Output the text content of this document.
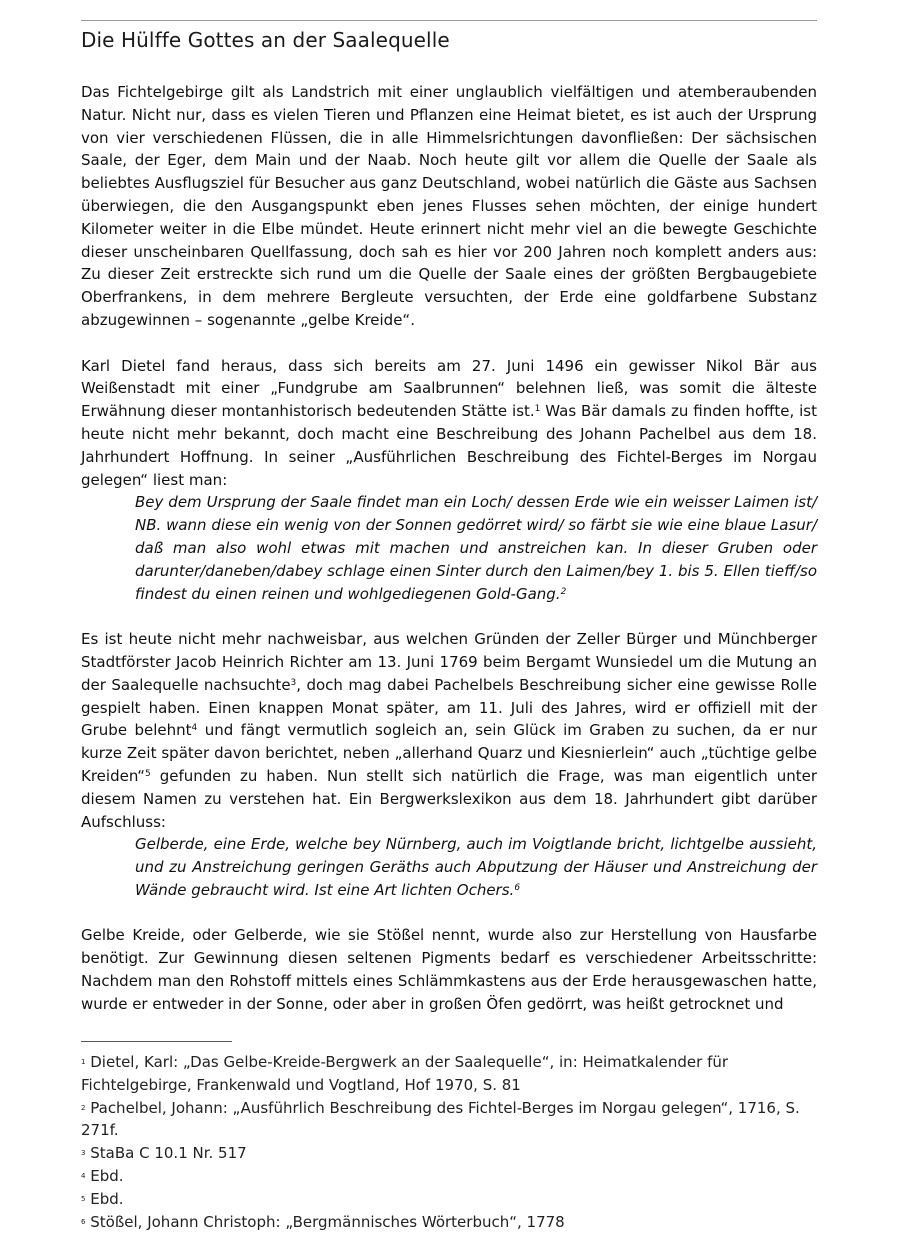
Die Hülffe Gottes an der Saalequelle

Das Fichtelgebirge gilt als Landstrich mit einer unglaublich vielfältigen und atemberaubenden Natur. Nicht nur, dass es vielen Tieren und Pflanzen eine Heimat bietet, es ist auch der Ursprung von vier verschiedenen Flüssen, die in alle Himmelsrichtungen davonfließen: Der sächsischen Saale, der Eger, dem Main und der Naab. Noch heute gilt vor allem die Quelle der Saale als beliebtes Ausflugsziel für Besucher aus ganz Deutschland, wobei natürlich die Gäste aus Sachsen überwiegen, die den Ausgangspunkt eben jenes Flusses sehen möchten, der einige hundert Kilometer weiter in die Elbe mündet. Heute erinnert nicht mehr viel an die bewegte Geschichte dieser unscheinbaren Quellfassung, doch sah es hier vor 200 Jahren noch komplett anders aus: Zu dieser Zeit erstreckte sich rund um die Quelle der Saale eines der größten Bergbaugebiete Oberfrankens, in dem mehrere Bergleute versuchten, der Erde eine goldfarbene Substanz abzugewinnen – sogenannte „gelbe Kreide“.

Karl Dietel fand heraus, dass sich bereits am 27. Juni 1496 ein gewisser Nikol Bär aus Weißenstadt mit einer „Fundgrube am Saalbrunnen“ belehnen ließ, was somit die älteste Erwähnung dieser montanhistorisch bedeutenden Stätte ist.$^1$ Was Bär damals zu finden hoffte, ist heute nicht mehr bekannt, doch macht eine Beschreibung des Johann Pachelbel aus dem 18. Jahrhundert Hoffnung. In seiner „Ausführlichen Beschreibung des Fichtel-Berges im Norgau gelegen“ liest man:

Bey dem Ursprung der Saale findet man ein Loch/ dessen Erde wie ein weisser Laimen ist/ NB. wann diese ein wenig von der Sonnen gedörret wird/ so färbt sie wie eine blaue Lasur/ daß man also wohl etwas mit machen und anstreichen kan. In dieser Gruben oder darunter/daneben/dabey schlage einen Sinter durch den Laimen/bey 1. bis 5. Ellen tieff/so findest du einen reinen und wohlgediegenen Gold-Gang.$^2$

Es ist heute nicht mehr nachweisbar, aus welchen Gründen der Zeller Bürger und Münchberger Stadtförster Jacob Heinrich Richter am 13. Juni 1769 beim Bergamt Wunsiedel um die Mutung an der Saalequelle nachsuchte$^3$, doch mag dabei Pachelbels Beschreibung sicher eine gewisse Rolle gespielt haben. Einen knappen Monat später, am 11. Juli des Jahres, wird er offiziell mit der Grube belehnt$^4$ und fängt vermutlich sogleich an, sein Glück im Graben zu suchen, da er nur kurze Zeit später davon berichtet, neben „allerhand Quarz und Kiesnierlein“ auch „tüchtige gelbe Kreiden“$^5$ gefunden zu haben. Nun stellt sich natürlich die Frage, was man eigentlich unter diesem Namen zu verstehen hat. Ein Bergwerkslexikon aus dem 18. Jahrhundert gibt darüber Aufschluss:

Gelberde, eine Erde, welche bey Nürnberg, auch im Voigtlande bricht, lichtgelbe aussieht, und zu Anstreichung geringen Geräths auch Abputzung der Häuser und Anstreichung der Wände gebraucht wird. Ist eine Art lichten Ochers.$^6$

Gelbe Kreide, oder Gelberde, wie sie Stößel nennt, wurde also zur Herstellung von Hausfarbe benötigt. Zur Gewinnung diesen seltenen Pigments bedarf es verschiedener Arbeitsschritte: Nachdem man den Rohstoff mittels eines Schlämmkastens aus der Erde herausgewaschen hatte, wurde er entweder in der Sonne, oder aber in großen Öfen gedörrt, was heißt getrocknet und

$^1$ Dietel, Karl: „Das Gelbe-Kreide-Bergwerk an der Saalequelle“, in: Heimatkalender für Fichtelgebirge, Frankenwald und Vogtland, Hof 1970, S. 81

$^2$ Pachelbel, Johann: „Ausführlich Beschreibung des Fichtel-Berges im Norgau gelegen“, 1716, S. 271f.

$^3$ StaBa C 10.1 Nr. 517

$^4$ Ebd.

$^5$ Ebd.

$^6$ Stößel, Johann Christoph: „Bergmännisches Wörterbuch“, 1778
